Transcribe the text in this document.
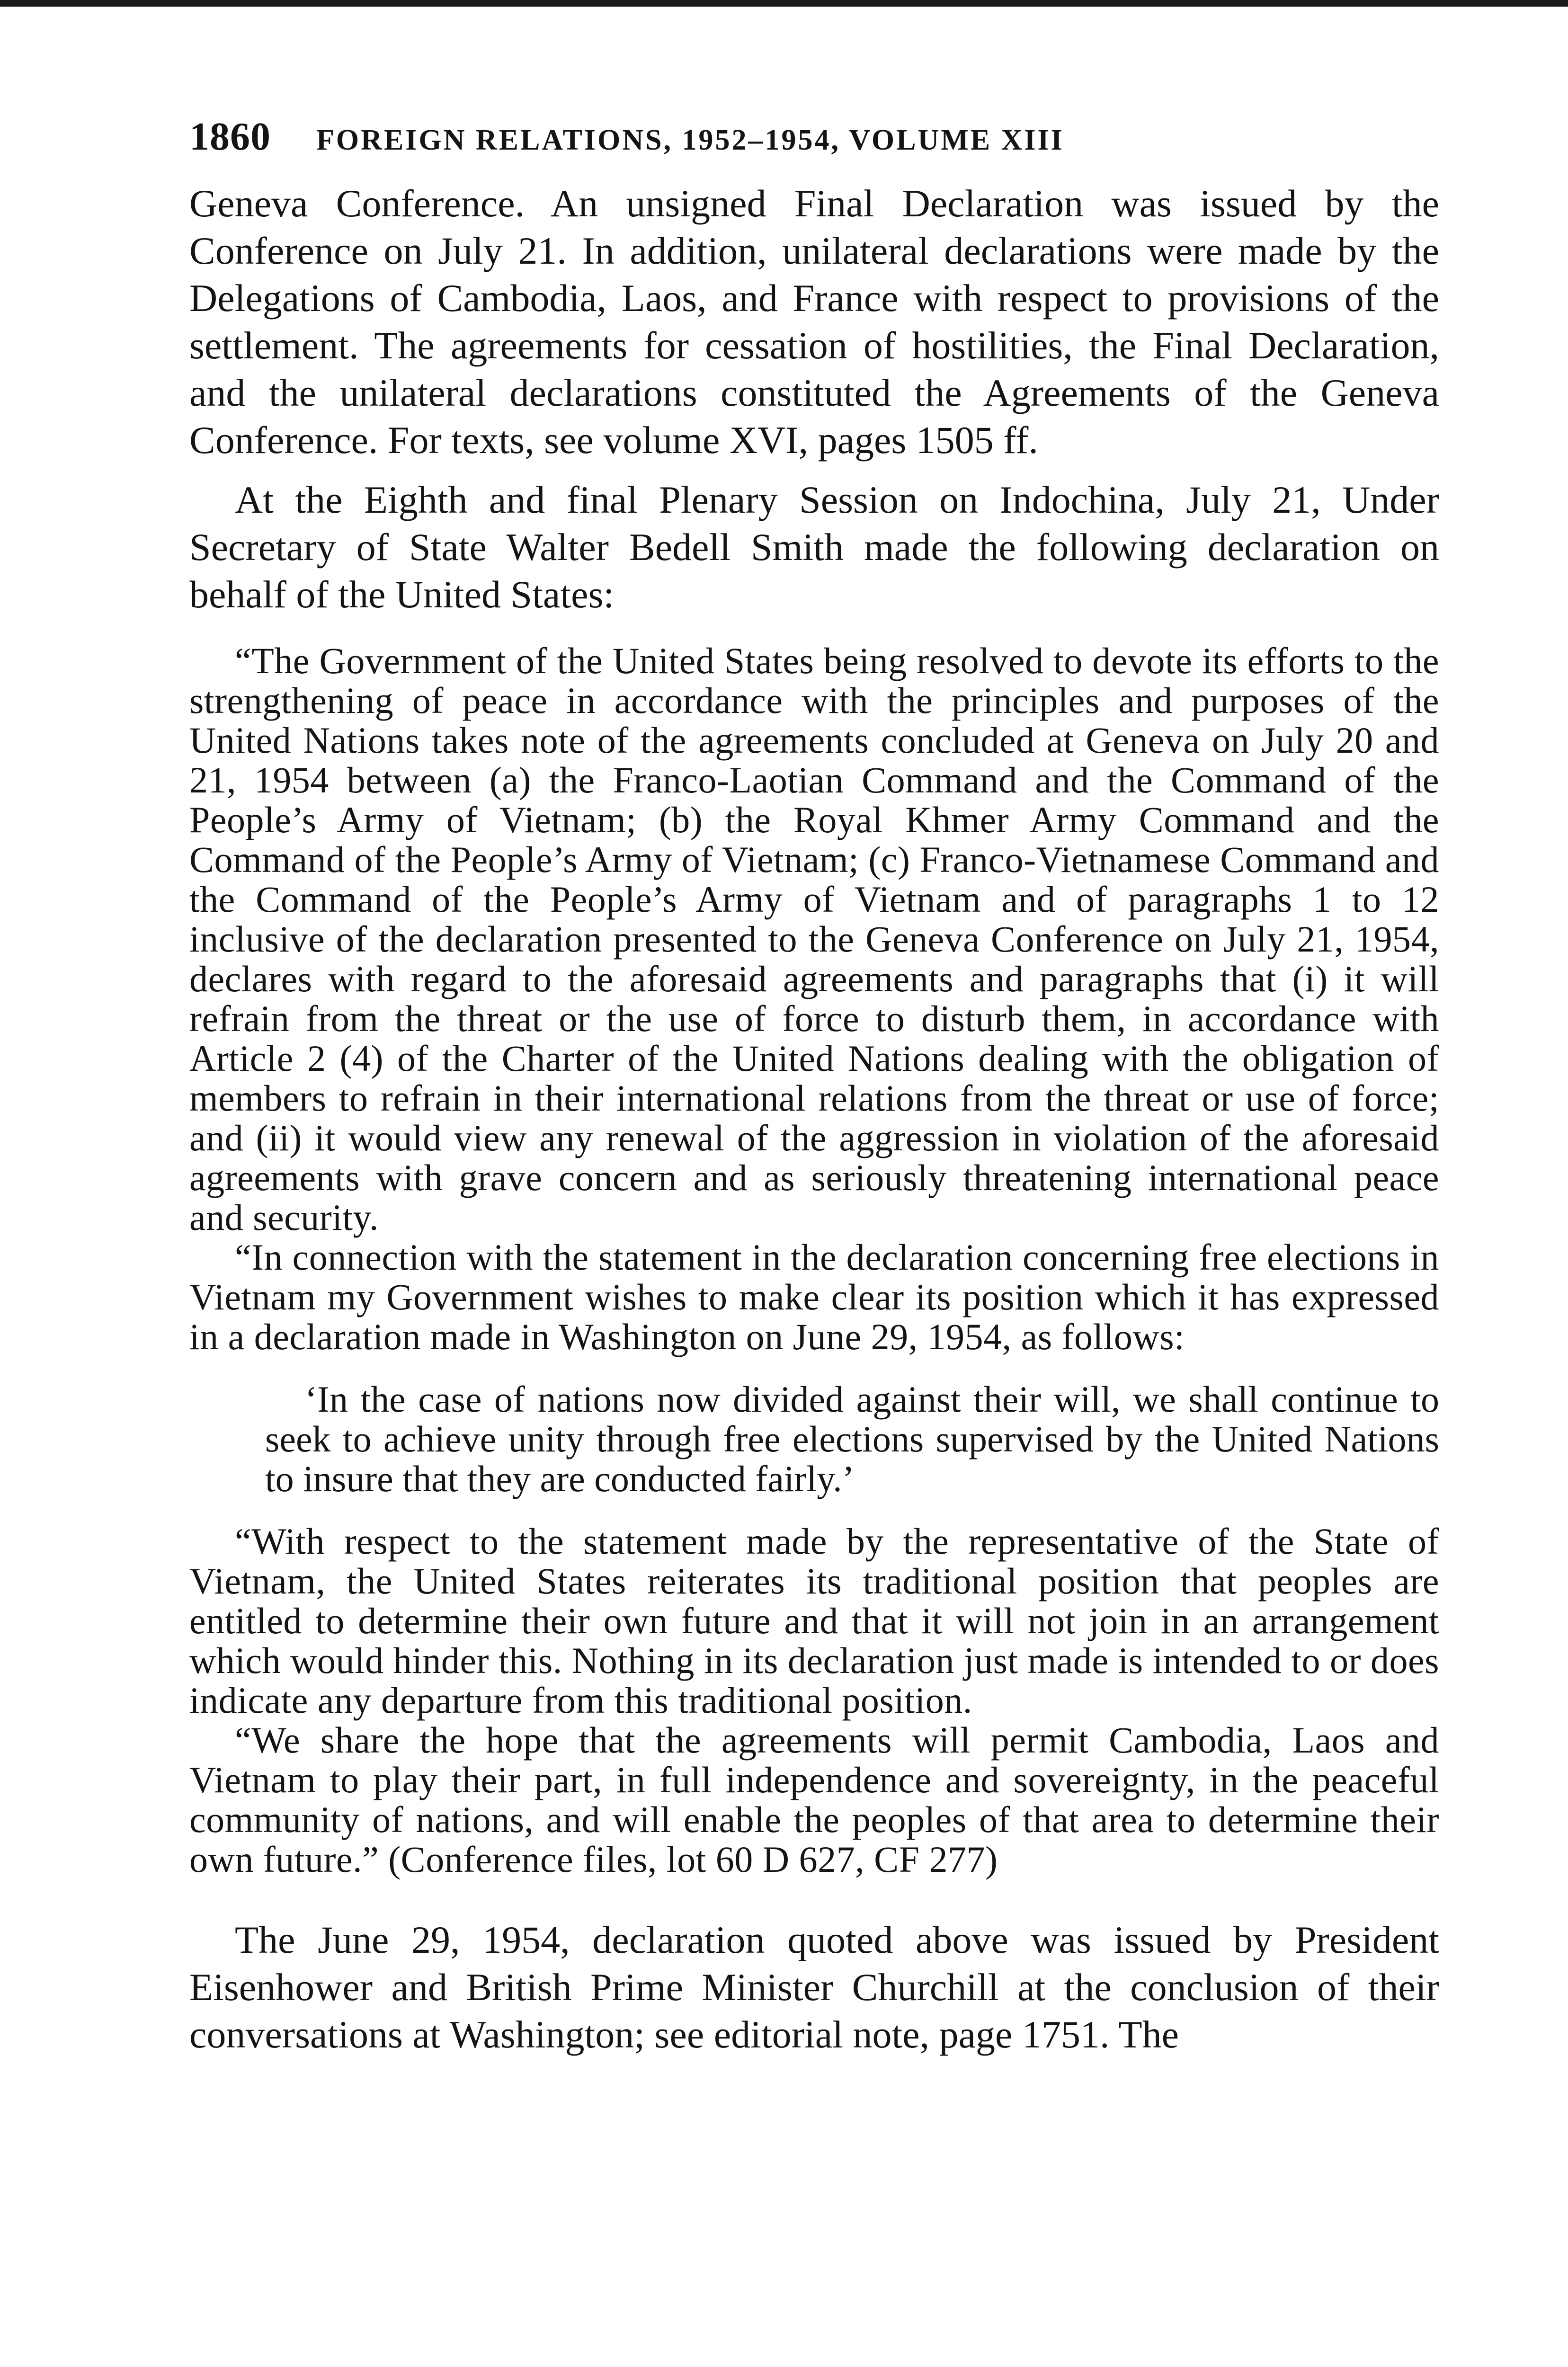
1860 FOREIGN RELATIONS, 1952–1954, VOLUME XIII

Geneva Conference. An unsigned Final Declaration was issued by the Conference on July 21. In addition, unilateral declarations were made by the Delegations of Cambodia, Laos, and France with respect to provisions of the settlement. The agreements for cessation of hostilities, the Final Declaration, and the unilateral declarations constituted the Agreements of the Geneva Conference. For texts, see volume XVI, pages 1505 ff.

At the Eighth and final Plenary Session on Indochina, July 21, Under Secretary of State Walter Bedell Smith made the following declaration on behalf of the United States:

“The Government of the United States being resolved to devote its efforts to the strengthening of peace in accordance with the principles and purposes of the United Nations takes note of the agreements concluded at Geneva on July 20 and 21, 1954 between (a) the Franco-Laotian Command and the Command of the People’s Army of Vietnam; (b) the Royal Khmer Army Command and the Command of the People’s Army of Vietnam; (c) Franco-Vietnamese Command and the Command of the People’s Army of Vietnam and of paragraphs 1 to 12 inclusive of the declaration presented to the Geneva Conference on July 21, 1954, declares with regard to the aforesaid agreements and paragraphs that (i) it will refrain from the threat or the use of force to disturb them, in accordance with Article 2 (4) of the Charter of the United Nations dealing with the obligation of members to refrain in their international relations from the threat or use of force; and (ii) it would view any renewal of the aggression in violation of the aforesaid agreements with grave concern and as seriously threatening international peace and security.

“In connection with the statement in the declaration concerning free elections in Vietnam my Government wishes to make clear its position which it has expressed in a declaration made in Washington on June 29, 1954, as follows:

‘In the case of nations now divided against their will, we shall continue to seek to achieve unity through free elections supervised by the United Nations to insure that they are conducted fairly.’

“With respect to the statement made by the representative of the State of Vietnam, the United States reiterates its traditional position that peoples are entitled to determine their own future and that it will not join in an arrangement which would hinder this. Nothing in its declaration just made is intended to or does indicate any departure from this traditional position.

“We share the hope that the agreements will permit Cambodia, Laos and Vietnam to play their part, in full independence and sovereignty, in the peaceful community of nations, and will enable the peoples of that area to determine their own future.” (Conference files, lot 60 D 627, CF 277)

The June 29, 1954, declaration quoted above was issued by President Eisenhower and British Prime Minister Churchill at the conclusion of their conversations at Washington; see editorial note, page 1751. The
